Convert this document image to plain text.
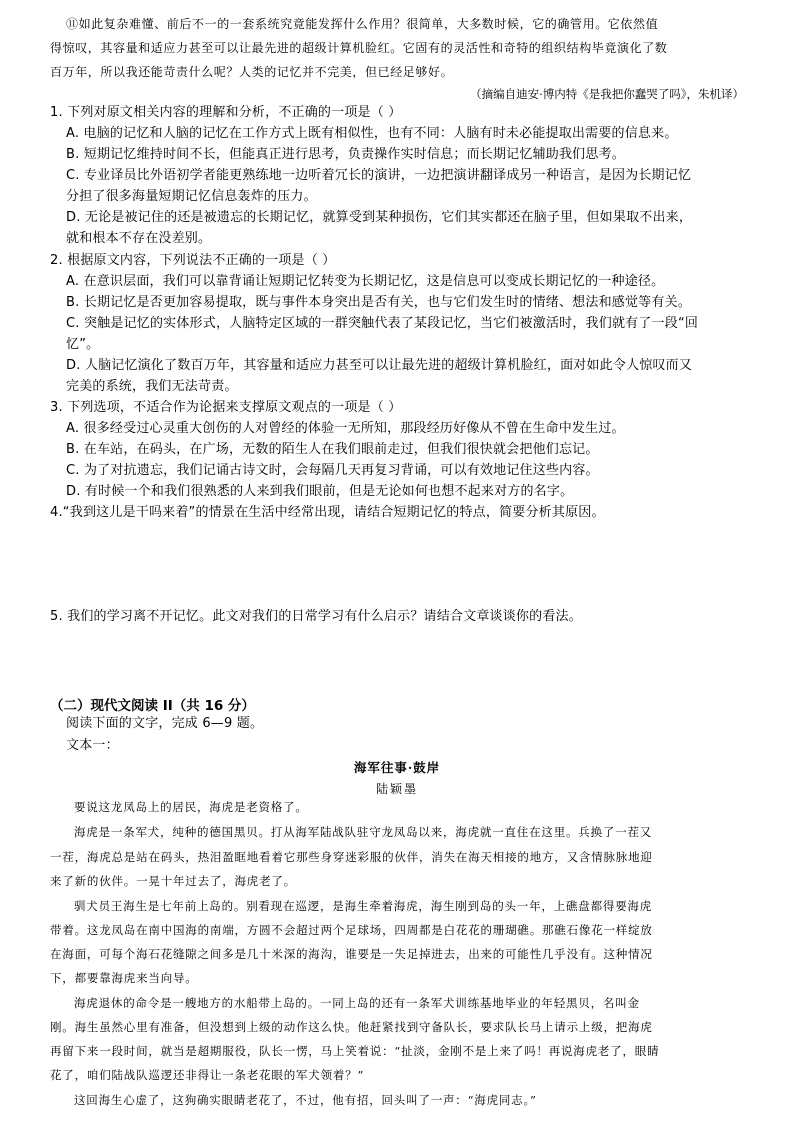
⑪如此复杂难懂、前后不一的一套系统究竟能发挥什么作用？很简单，大多数时候，它的确管用。它依然值
得惊叹，其容量和适应力甚至可以让最先进的超级计算机脸红。它固有的灵活性和奇特的组织结构毕竟演化了数
百万年，所以我还能苛责什么呢？人类的记忆并不完美，但已经足够好。
（摘编自迪安·博内特《是我把你蠢哭了吗》，朱机译）
1. 下列对原文相关内容的理解和分析，不正确的一项是（ ）
A. 电脑的记忆和人脑的记忆在工作方式上既有相似性，也有不同：人脑有时未必能提取出需要的信息来。
B. 短期记忆维持时间不长，但能真正进行思考，负责操作实时信息；而长期记忆辅助我们思考。
C. 专业译员比外语初学者能更熟练地一边听着冗长的演讲，一边把演讲翻译成另一种语言，是因为长期记忆
分担了很多海量短期记忆信息轰炸的压力。
D. 无论是被记住的还是被遗忘的长期记忆，就算受到某种损伤，它们其实都还在脑子里，但如果取不出来，
就和根本不存在没差别。
2. 根据原文内容，下列说法不正确的一项是（ ）
A. 在意识层面，我们可以靠背诵让短期记忆转变为长期记忆，这是信息可以变成长期记忆的一种途径。
B. 长期记忆是否更加容易提取，既与事件本身突出是否有关，也与它们发生时的情绪、想法和感觉等有关。
C. 突触是记忆的实体形式，人脑特定区域的一群突触代表了某段记忆，当它们被激活时，我们就有了一段“回
忆”。
D. 人脑记忆演化了数百万年，其容量和适应力甚至可以让最先进的超级计算机脸红，面对如此令人惊叹而又
完美的系统，我们无法苛责。
3. 下列选项，不适合作为论据来支撑原文观点的一项是（ ）
A. 很多经受过心灵重大创伤的人对曾经的体验一无所知，那段经历好像从不曾在生命中发生过。
B. 在车站，在码头，在广场，无数的陌生人在我们眼前走过，但我们很快就会把他们忘记。
C. 为了对抗遗忘，我们记诵古诗文时，会每隔几天再复习背诵，可以有效地记住这些内容。
D. 有时候一个和我们很熟悉的人来到我们眼前，但是无论如何也想不起来对方的名字。
4.“我到这儿是干吗来着”的情景在生活中经常出现，请结合短期记忆的特点，简要分析其原因。
5. 我们的学习离不开记忆。此文对我们的日常学习有什么启示？请结合文章谈谈你的看法。
（二）现代文阅读 II（共 16 分）
阅读下面的文字，完成 6—9 题。
文本一：
海军往事·鼓岸
陆颖墨
要说这龙凤岛上的居民，海虎是老资格了。
海虎是一条军犬，纯种的德国黑贝。打从海军陆战队驻守龙凤岛以来，海虎就一直住在这里。兵换了一茬又
一茬，海虎总是站在码头，热泪盈眶地看着它那些身穿迷彩服的伙伴，消失在海天相接的地方，又含情脉脉地迎
来了新的伙伴。一晃十年过去了，海虎老了。
驯犬员王海生是七年前上岛的。别看现在巡逻，是海生牵着海虎，海生刚到岛的头一年，上礁盘都得要海虎
带着。这龙凤岛在南中国海的南端，方圆不会超过两个足球场，四周都是白花花的珊瑚礁。那礁石像花一样绽放
在海面，可每个海石花缝隙之间多是几十米深的海沟，谁要是一失足掉进去，出来的可能性几乎没有。这种情况
下，都要靠海虎来当向导。
海虎退休的命令是一艘地方的水船带上岛的。一同上岛的还有一条军犬训练基地毕业的年轻黑贝，名叫金
刚。海生虽然心里有准备，但没想到上级的动作这么快。他赶紧找到守备队长，要求队长马上请示上级，把海虎
再留下来一段时间，就当是超期服役，队长一愣，马上笑着说：“扯淡，金刚不是上来了吗！再说海虎老了，眼睛
花了，咱们陆战队巡逻还非得让一条老花眼的军犬领着？”
这回海生心虚了，这狗确实眼睛老花了，不过，他有招，回头叫了一声：“海虎同志。”
